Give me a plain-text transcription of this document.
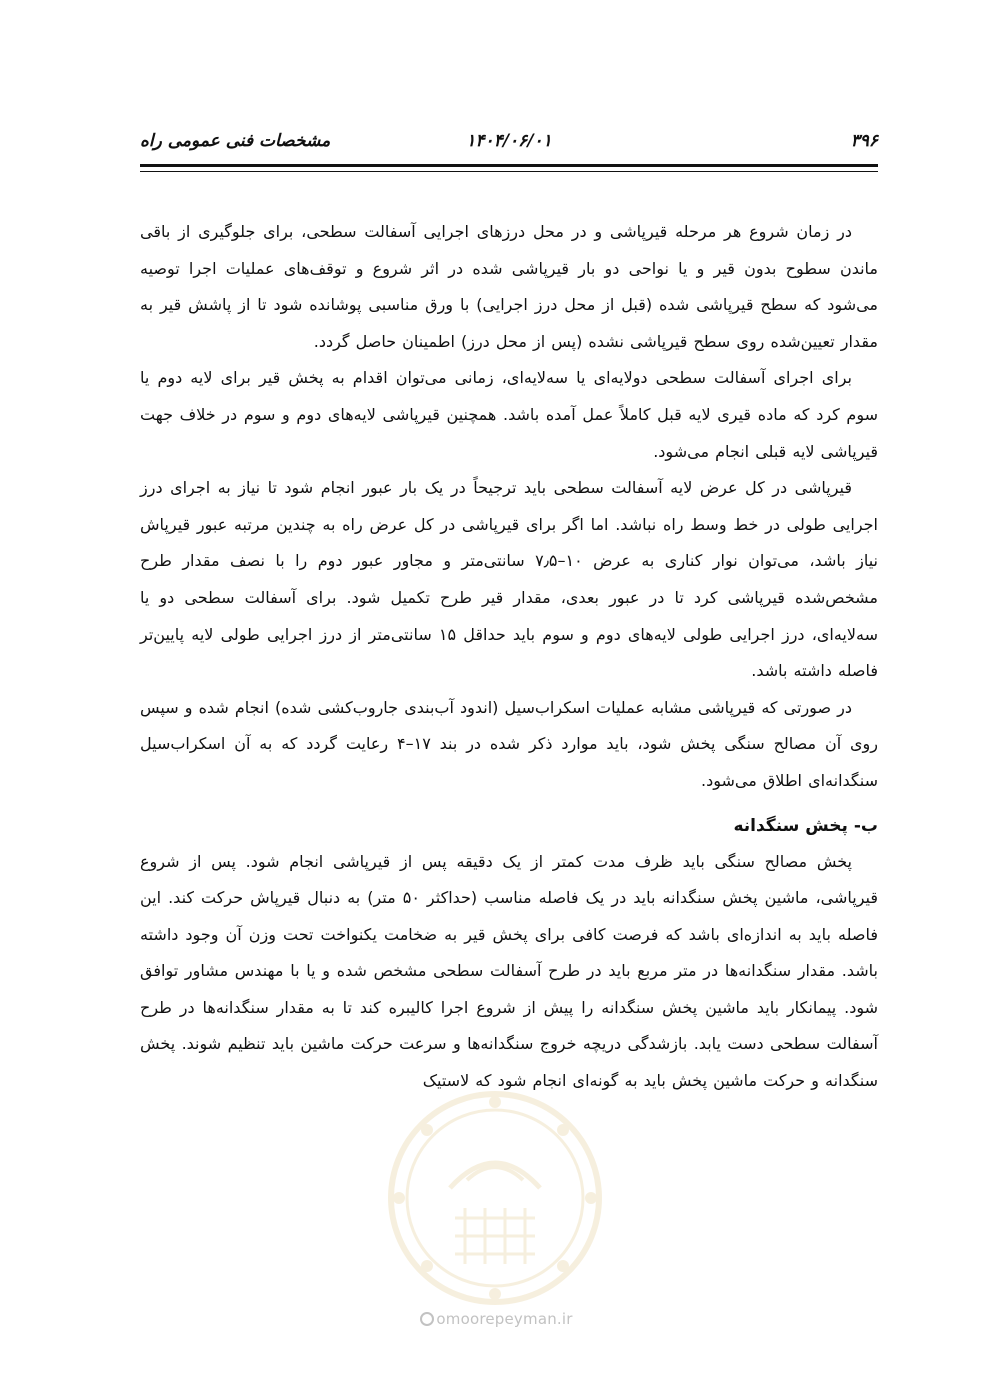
۳۹۶
۱۴۰۴/۰۶/۰۱
مشخصات فنی عمومی راه

در زمان شروع هر مرحله قیرپاشی و در محل درزهای اجرایی آسفالت سطحی، برای جلوگیری از باقی ماندن سطوح بدون قیر و یا نواحی دو بار قیرپاشی شده در اثر شروع و توقف‌های عملیات اجرا توصیه می‌شود که سطح قیرپاشی شده (قبل از محل درز اجرایی) با ورق مناسبی پوشانده شود تا از پاشش قیر به مقدار تعیین‌شده روی سطح قیرپاشی نشده (پس از محل درز) اطمینان حاصل گردد.

برای اجرای آسفالت سطحی دولایه‌ای یا سه‌لایه‌ای، زمانی می‌توان اقدام به پخش قیر برای لایه دوم یا سوم کرد که ماده قیری لایه قبل کاملاً عمل آمده باشد. همچنین قیرپاشی لایه‌های دوم و سوم در خلاف جهت قیرپاشی لایه قبلی انجام می‌شود.

قیرپاشی در کل عرض لایه آسفالت سطحی باید ترجیحاً در یک بار عبور انجام شود تا نیاز به اجرای درز اجرایی طولی در خط وسط راه نباشد. اما اگر برای قیرپاشی در کل عرض راه به چندین مرتبه عبور قیرپاش نیاز باشد، می‌توان نوار کناری به عرض ۱۰–۷٫۵ سانتی‌متر و مجاور عبور دوم را با نصف مقدار طرح مشخص‌شده قیرپاشی کرد تا در عبور بعدی، مقدار قیر طرح تکمیل شود. برای آسفالت سطحی دو یا سه‌لایه‌ای، درز اجرایی طولی لایه‌های دوم و سوم باید حداقل ۱۵ سانتی‌متر از درز اجرایی طولی لایه پایین‌تر فاصله داشته باشد.

در صورتی که قیرپاشی مشابه عملیات اسکراب‌سیل (اندود آب‌بندی جاروب‌کشی شده) انجام شده و سپس روی آن مصالح سنگی پخش شود، باید موارد ذکر شده در بند ۱۷–۴ رعایت گردد که به آن اسکراب‌سیل سنگدانه‌ای اطلاق می‌شود.

ب- پخش سنگدانه

پخش مصالح سنگی باید ظرف مدت کمتر از یک دقیقه پس از قیرپاشی انجام شود. پس از شروع قیرپاشی، ماشین پخش سنگدانه باید در یک فاصله مناسب (حداکثر ۵۰ متر) به دنبال قیرپاش حرکت کند. این فاصله باید به اندازه‌ای باشد که فرصت کافی برای پخش قیر به ضخامت یکنواخت تحت وزن آن وجود داشته باشد. مقدار سنگدانه‌ها در متر مربع باید در طرح آسفالت سطحی مشخص شده و یا با مهندس مشاور توافق شود. پیمانکار باید ماشین پخش سنگدانه را پیش از شروع اجرا کالیبره کند تا به مقدار سنگدانه‌ها در طرح آسفالت سطحی دست یابد. بازشدگی دریچه خروج سنگدانه‌ها و سرعت حرکت ماشین باید تنظیم شوند. پخش سنگدانه و حرکت ماشین پخش باید به گونه‌ای انجام شود که لاستیک

omoorepeyman.ir
